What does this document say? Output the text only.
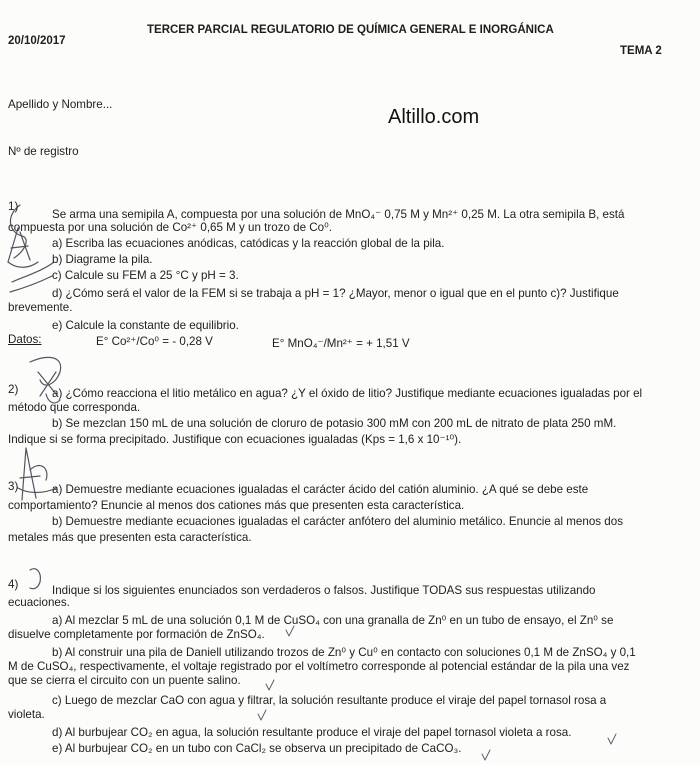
20/10/2017
TERCER PARCIAL REGULATORIO DE QUÍMICA GENERAL E INORGÁNICA
TEMA 2
Apellido y Nombre...
Nº de registro
Altillo.com
1)
Se arma una semipila A, compuesta por una solución de MnO₄⁻ 0,75 M y Mn²⁺ 0,25 M. La otra semipila B, está
compuesta por una solución de Co²⁺ 0,65 M y un trozo de Co⁰.
a) Escriba las ecuaciones anódicas, catódicas y la reacción global de la pila.
b) Diagrame la pila.
c) Calcule su FEM a 25 °C y pH = 3.
d) ¿Cómo será el valor de la FEM si se trabaja a pH = 1? ¿Mayor, menor o igual que en el punto c)? Justifique
brevemente.
e) Calcule la constante de equilibrio.
Datos:	E° Co²⁺/Co⁰ = - 0,28 V	E° MnO₄⁻/Mn²⁺ = + 1,51 V
2)	a) ¿Cómo reacciona el litio metálico en agua? ¿Y el óxido de litio? Justifique mediante ecuaciones igualadas por el
método que corresponda.
b) Se mezclan 150 mL de una solución de cloruro de potasio 300 mM con 200 mL de nitrato de plata 250 mM.
Indique si se forma precipitado. Justifique con ecuaciones igualadas (Kps = 1,6 x 10⁻¹⁰).
3)	a) Demuestre mediante ecuaciones igualadas el carácter ácido del catión aluminio. ¿A qué se debe este
comportamiento? Enuncie al menos dos cationes más que presenten esta característica.
b) Demuestre mediante ecuaciones igualadas el carácter anfótero del aluminio metálico. Enuncie al menos dos
metales más que presenten esta característica.
4)	Indique si los siguientes enunciados son verdaderos o falsos. Justifique TODAS sus respuestas utilizando
ecuaciones.
a) Al mezclar 5 mL de una solución 0,1 M de CuSO₄ con una granalla de Zn⁰ en un tubo de ensayo, el Zn⁰ se
disuelve completamente por formación de ZnSO₄.
b) Al construir una pila de Daniell utilizando trozos de Zn⁰ y Cu⁰ en contacto con soluciones 0,1 M de ZnSO₄ y 0,1
M de CuSO₄, respectivamente, el voltaje registrado por el voltímetro corresponde al potencial estándar de la pila una vez
que se cierra el circuito con un puente salino.
c) Luego de mezclar CaO con agua y filtrar, la solución resultante produce el viraje del papel tornasol rosa a
violeta.
d) Al burbujear CO₂ en agua, la solución resultante produce el viraje del papel tornasol violeta a rosa.
e) Al burbujear CO₂ en un tubo con CaCl₂ se observa un precipitado de CaCO₃.
